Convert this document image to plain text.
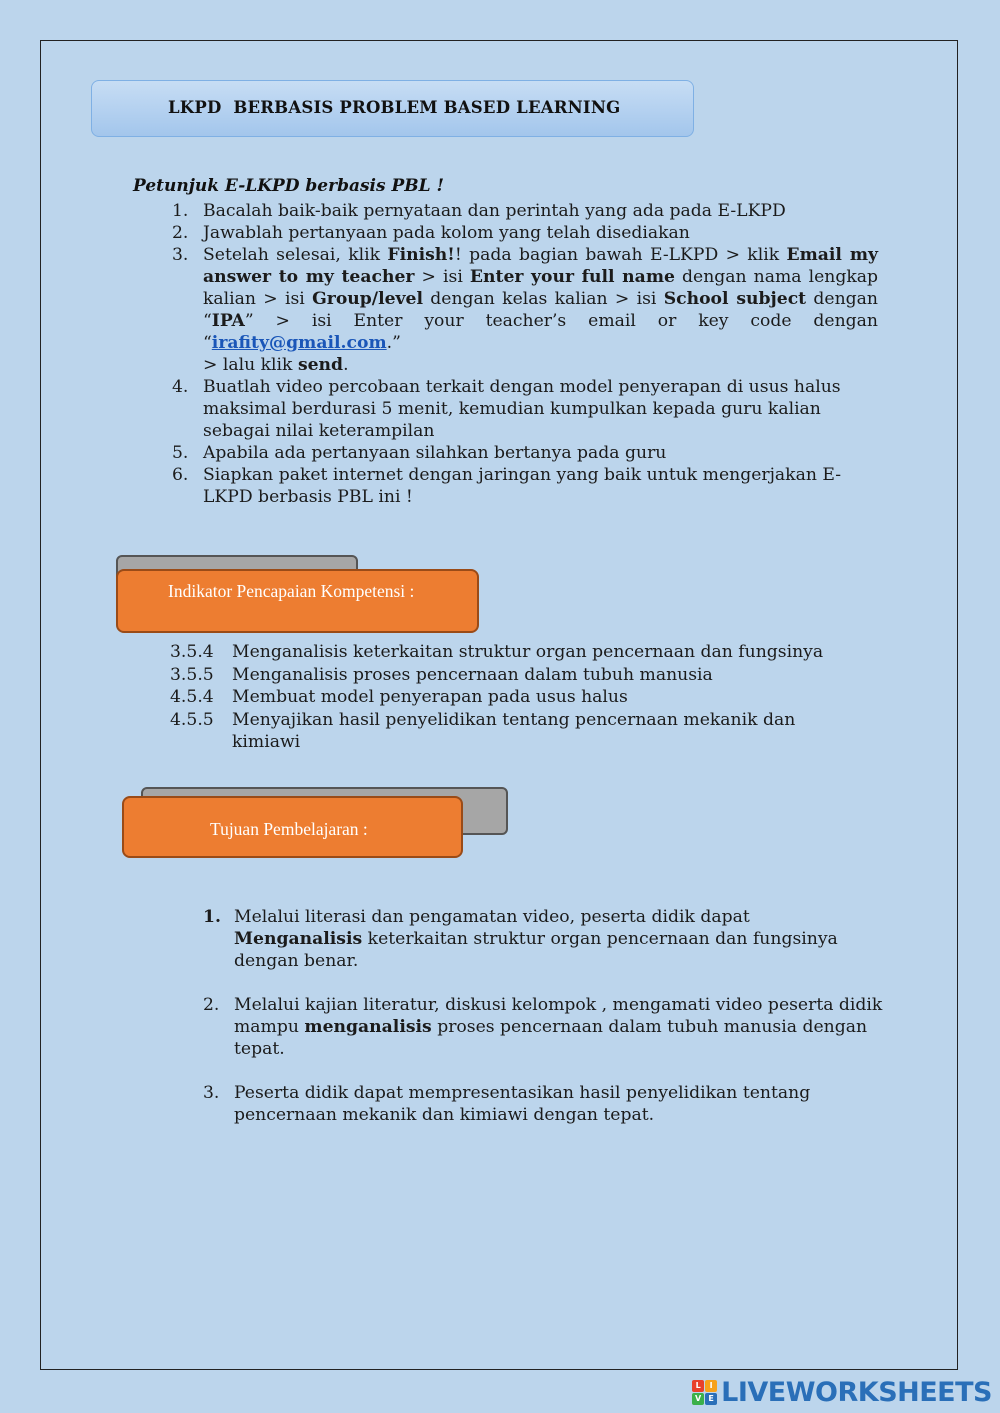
LKPD  BERBASIS PROBLEM BASED LEARNING
Petunjuk E-LKPD berbasis PBL !
1. Bacalah baik-baik pernyataan dan perintah yang ada pada E-LKPD
2. Jawablah pertanyaan pada kolom yang telah disediakan
3. Setelah selesai, klik Finish!! pada bagian bawah E-LKPD > klik Email my answer to my teacher > isi Enter your full name dengan nama lengkap kalian > isi Group/level dengan kelas kalian > isi School subject dengan “IPA” > isi Enter your teacher’s email or key code dengan “irafity@gmail.com.”
> lalu klik send.
4. Buatlah video percobaan terkait dengan model penyerapan di usus halus maksimal berdurasi 5 menit, kemudian kumpulkan kepada guru kalian sebagai nilai keterampilan
5. Apabila ada pertanyaan silahkan bertanya pada guru
6. Siapkan paket internet dengan jaringan yang baik untuk mengerjakan E-LKPD berbasis PBL ini !
Indikator Pencapaian Kompetensi :
3.5.4 Menganalisis keterkaitan struktur organ pencernaan dan fungsinya
3.5.5 Menganalisis proses pencernaan dalam tubuh manusia
4.5.4 Membuat model penyerapan pada usus halus
4.5.5 Menyajikan hasil penyelidikan tentang pencernaan mekanik dan kimiawi
Tujuan Pembelajaran :
1. Melalui literasi dan pengamatan video, peserta didik dapat
Menganalisis keterkaitan struktur organ pencernaan dan fungsinya dengan benar.
2. Melalui kajian literatur, diskusi kelompok , mengamati video peserta didik mampu menganalisis proses pencernaan dalam tubuh manusia dengan tepat.
3. Peserta didik dapat mempresentasikan hasil penyelidikan tentang pencernaan mekanik dan kimiawi dengan tepat.
L	I
V E LIVEWORKSHEETS
